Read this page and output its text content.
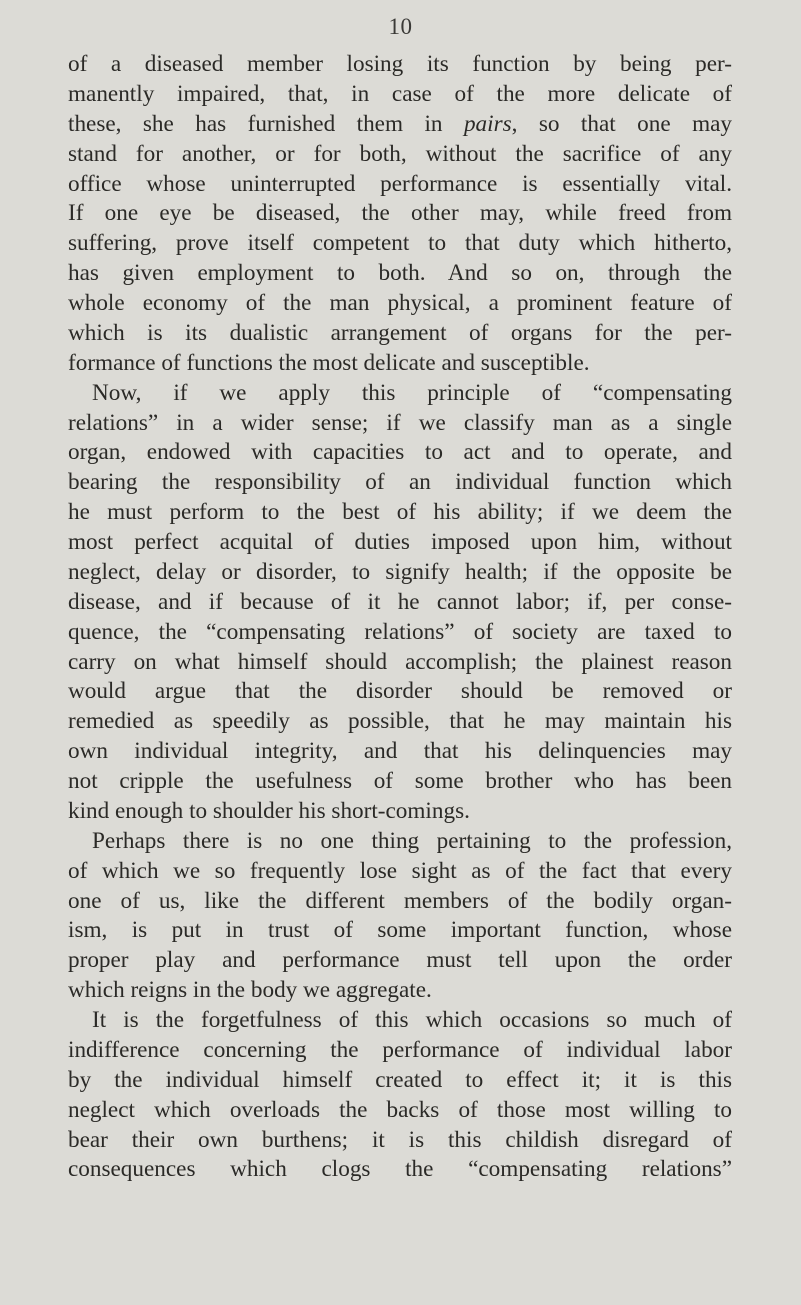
10
of a diseased member losing its function by being per-
manently impaired, that, in case of the more delicate of
these, she has furnished them in pairs, so that one may
stand for another, or for both, without the sacrifice of any
office whose uninterrupted performance is essentially vital.
If one eye be diseased, the other may, while freed from
suffering, prove itself competent to that duty which hitherto,
has given employment to both. And so on, through the
whole economy of the man physical, a prominent feature of
which is its dualistic arrangement of organs for the per-
formance of functions the most delicate and susceptible.
Now, if we apply this principle of “compensating
relations” in a wider sense; if we classify man as a single
organ, endowed with capacities to act and to operate, and
bearing the responsibility of an individual function which
he must perform to the best of his ability; if we deem the
most perfect acquital of duties imposed upon him, without
neglect, delay or disorder, to signify health; if the opposite be
disease, and if because of it he cannot labor; if, per conse-
quence, the “compensating relations” of society are taxed to
carry on what himself should accomplish; the plainest reason
would argue that the disorder should be removed or
remedied as speedily as possible, that he may maintain his
own individual integrity, and that his delinquencies may
not cripple the usefulness of some brother who has been
kind enough to shoulder his short-comings.
Perhaps there is no one thing pertaining to the profession,
of which we so frequently lose sight as of the fact that every
one of us, like the different members of the bodily organ-
ism, is put in trust of some important function, whose
proper play and performance must tell upon the order
which reigns in the body we aggregate.
It is the forgetfulness of this which occasions so much of
indifference concerning the performance of individual labor
by the individual himself created to effect it; it is this
neglect which overloads the backs of those most willing to
bear their own burthens; it is this childish disregard of
consequences which clogs the “compensating relations”
